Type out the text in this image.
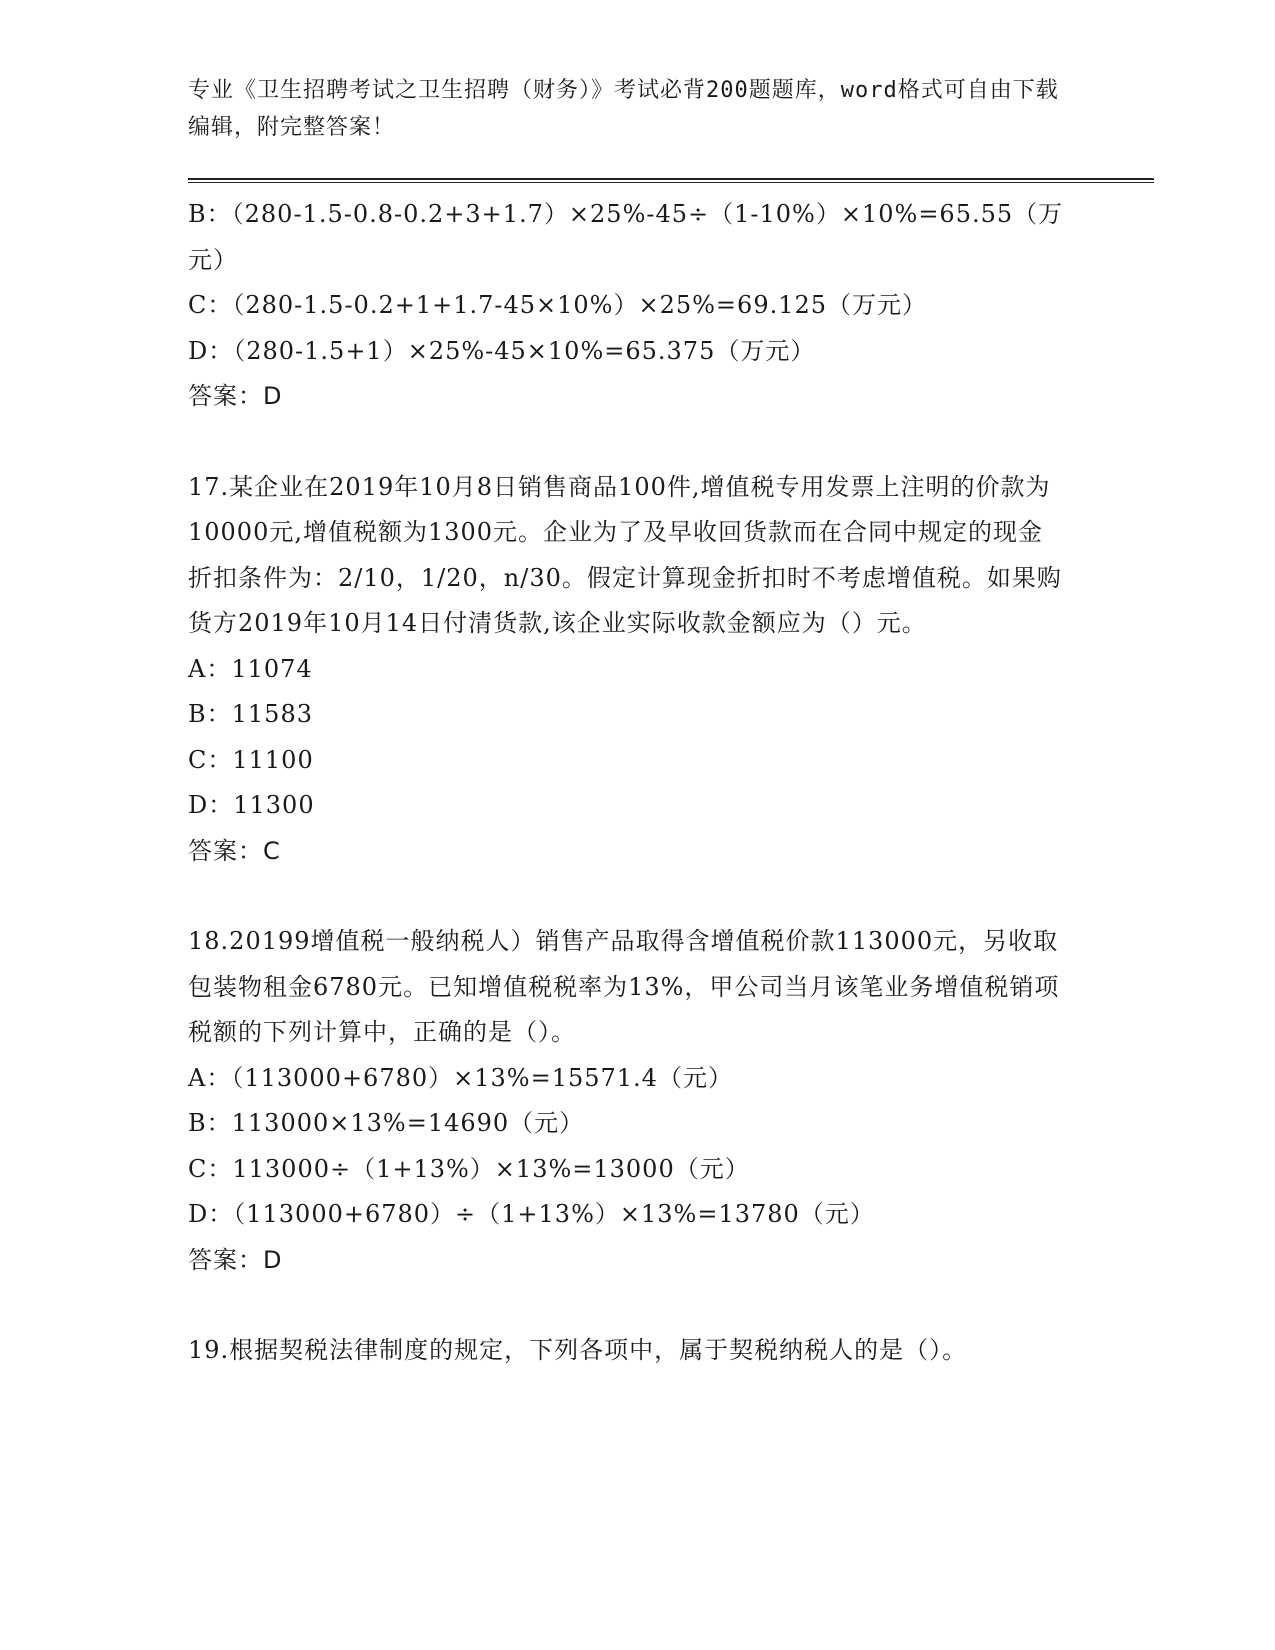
专业《卫生招聘考试之卫生招聘（财务）》考试必背200题题库，word格式可自由下载编辑，附完整答案！
B：（280-1.5-0.8-0.2+3+1.7）×25%-45÷（1-10%）×10%=65.55（万元）
C：（280-1.5-0.2+1+1.7-45×10%）×25%=69.125（万元）
D：（280-1.5+1）×25%-45×10%=65.375（万元）
答案：D
17.某企业在2019年10月8日销售商品100件,增值税专用发票上注明的价款为10000元,增值税额为1300元。企业为了及早收回货款而在合同中规定的现金折扣条件为：2/10，1/20，n/30。假定计算现金折扣时不考虑增值税。如果购货方2019年10月14日付清货款,该企业实际收款金额应为（）元。
A：11074
B：11583
C：11100
D：11300
答案：C
18.20199增值税一般纳税人）销售产品取得含增值税价款113000元，另收取包装物租金6780元。已知增值税税率为13%，甲公司当月该笔业务增值税销项税额的下列计算中，正确的是（）。
A：（113000+6780）×13%=15571.4（元）
B：113000×13%=14690（元）
C：113000÷（1+13%）×13%=13000（元）
D：（113000+6780）÷（1+13%）×13%=13780（元）
答案：D
19.根据契税法律制度的规定，下列各项中，属于契税纳税人的是（）。
